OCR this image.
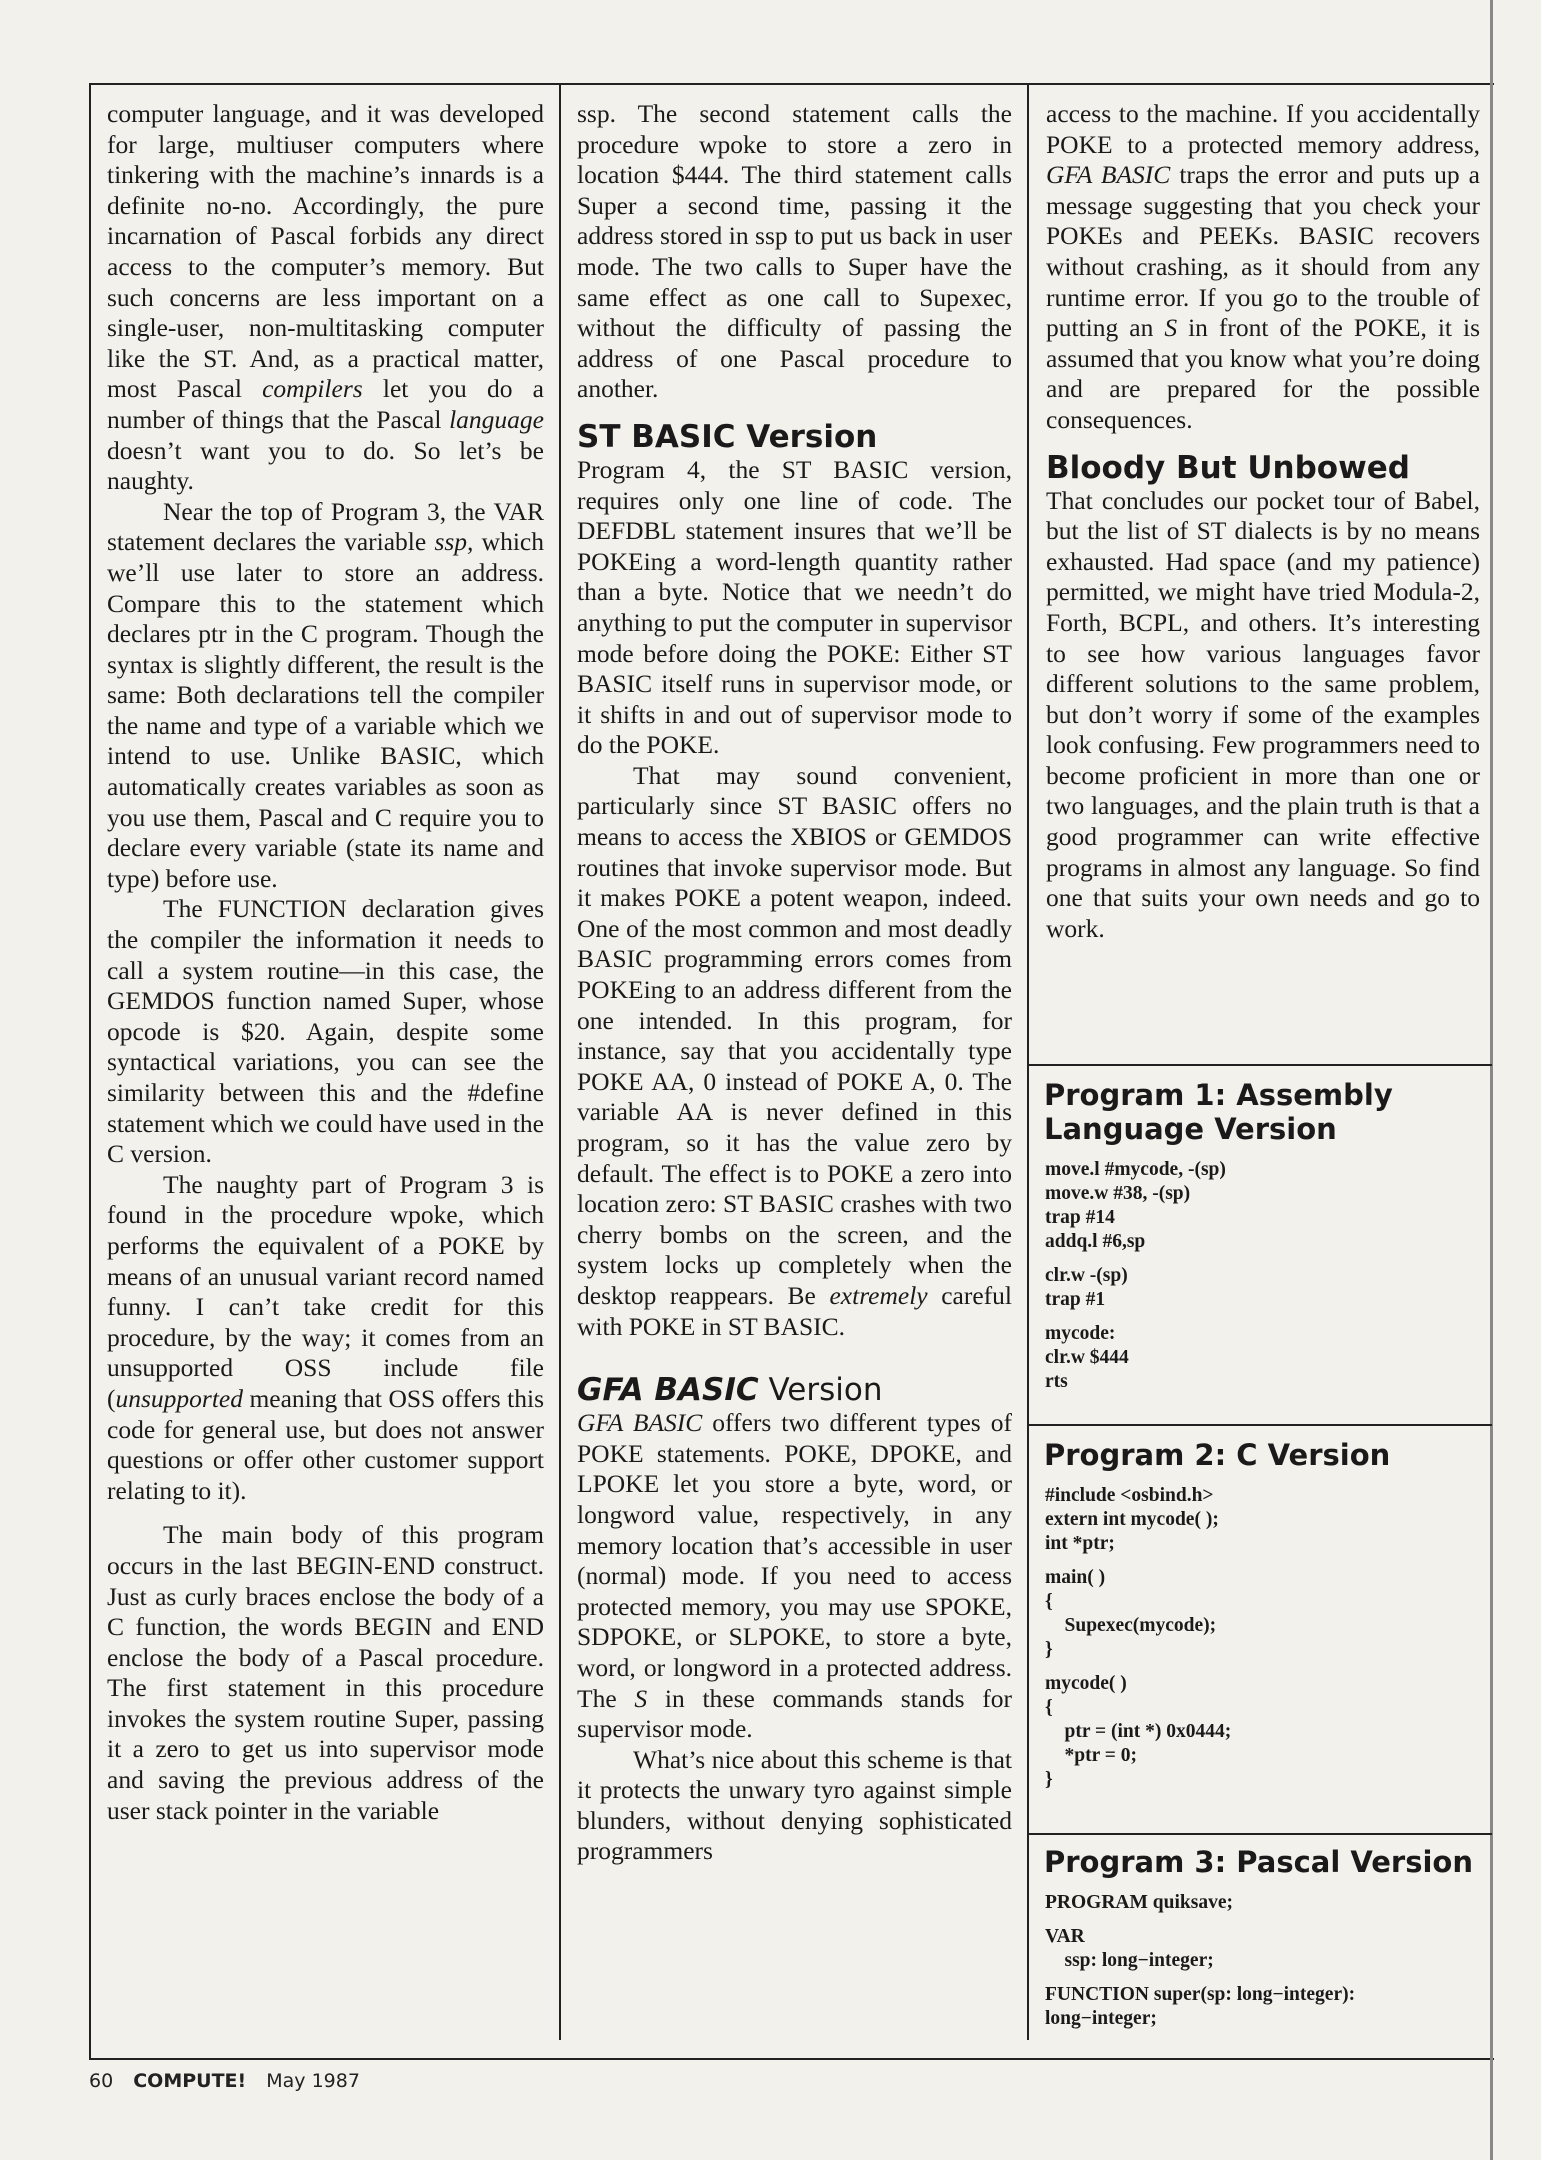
computer language, and it was developed for large, multiuser computers where tinkering with the machine’s innards is a definite no-no. Accordingly, the pure incarnation of Pascal forbids any direct access to the computer’s memory. But such concerns are less important on a single-user, non-multitasking computer like the ST. And, as a practical matter, most Pascal compilers let you do a number of things that the Pascal language doesn’t want you to do. So let’s be naughty.

Near the top of Program 3, the VAR statement declares the variable ssp, which we’ll use later to store an address. Compare this to the statement which declares ptr in the C program. Though the syntax is slightly different, the result is the same: Both declarations tell the compiler the name and type of a variable which we intend to use. Unlike BASIC, which automatically creates variables as soon as you use them, Pascal and C require you to declare every variable (state its name and type) before use.

The FUNCTION declaration gives the compiler the information it needs to call a system routine—in this case, the GEMDOS function named Super, whose opcode is $20. Again, despite some syntactical variations, you can see the similarity between this and the #define statement which we could have used in the C version.

The naughty part of Program 3 is found in the procedure wpoke, which performs the equivalent of a POKE by means of an unusual variant record named funny. I can’t take credit for this procedure, by the way; it comes from an unsupported OSS include file (unsupported meaning that OSS offers this code for general use, but does not answer questions or offer other customer support relating to it).

The main body of this program occurs in the last BEGIN-END construct. Just as curly braces enclose the body of a C function, the words BEGIN and END enclose the body of a Pascal procedure. The first statement in this procedure invokes the system routine Super, passing it a zero to get us into supervisor mode and saving the previous address of the user stack pointer in the variable

ssp. The second statement calls the procedure wpoke to store a zero in location $444. The third statement calls Super a second time, passing it the address stored in ssp to put us back in user mode. The two calls to Super have the same effect as one call to Supexec, without the difficulty of passing the address of one Pascal procedure to another.

ST BASIC Version

Program 4, the ST BASIC version, requires only one line of code. The DEFDBL statement insures that we’ll be POKEing a word-length quantity rather than a byte. Notice that we needn’t do anything to put the computer in supervisor mode before doing the POKE: Either ST BASIC itself runs in supervisor mode, or it shifts in and out of supervisor mode to do the POKE.

That may sound convenient, particularly since ST BASIC offers no means to access the XBIOS or GEMDOS routines that invoke supervisor mode. But it makes POKE a potent weapon, indeed. One of the most common and most deadly BASIC programming errors comes from POKEing to an address different from the one intended. In this program, for instance, say that you accidentally type POKE AA, 0 instead of POKE A, 0. The variable AA is never defined in this program, so it has the value zero by default. The effect is to POKE a zero into location zero: ST BASIC crashes with two cherry bombs on the screen, and the system locks up completely when the desktop reappears. Be extremely careful with POKE in ST BASIC.

GFA BASIC Version

GFA BASIC offers two different types of POKE statements. POKE, DPOKE, and LPOKE let you store a byte, word, or longword value, respectively, in any memory location that’s accessible in user (normal) mode. If you need to access protected memory, you may use SPOKE, SDPOKE, or SLPOKE, to store a byte, word, or longword in a protected address. The S in these commands stands for supervisor mode.

What’s nice about this scheme is that it protects the unwary tyro against simple blunders, without denying sophisticated programmers

access to the machine. If you accidentally POKE to a protected memory address, GFA BASIC traps the error and puts up a message suggesting that you check your POKEs and PEEKs. BASIC recovers without crashing, as it should from any runtime error. If you go to the trouble of putting an S in front of the POKE, it is assumed that you know what you’re doing and are prepared for the possible consequences.

Bloody But Unbowed

That concludes our pocket tour of Babel, but the list of ST dialects is by no means exhausted. Had space (and my patience) permitted, we might have tried Modula-2, Forth, BCPL, and others. It’s interesting to see how various languages favor different solutions to the same problem, but don’t worry if some of the examples look confusing. Few programmers need to become proficient in more than one or two languages, and the plain truth is that a good programmer can write effective programs in almost any language. So find one that suits your own needs and go to work.

Program 1: Assembly
Language Version
move.l #mycode, -(sp)
move.w #38, -(sp)
trap #14
addq.l #6,sp
clr.w -(sp)
trap #1
mycode:
clr.w $444
rts
Program 2: C Version
#include <osbind.h>
extern int mycode( );
int *ptr;
main( )
{
Supexec(mycode);
}
mycode( )
{
ptr = (int *) 0x0444;
*ptr = 0;
}
Program 3: Pascal Version
PROGRAM quiksave;
VAR
ssp: long−integer;
FUNCTION super(sp: long−integer):
long−integer;
60 COMPUTE! May 1987
